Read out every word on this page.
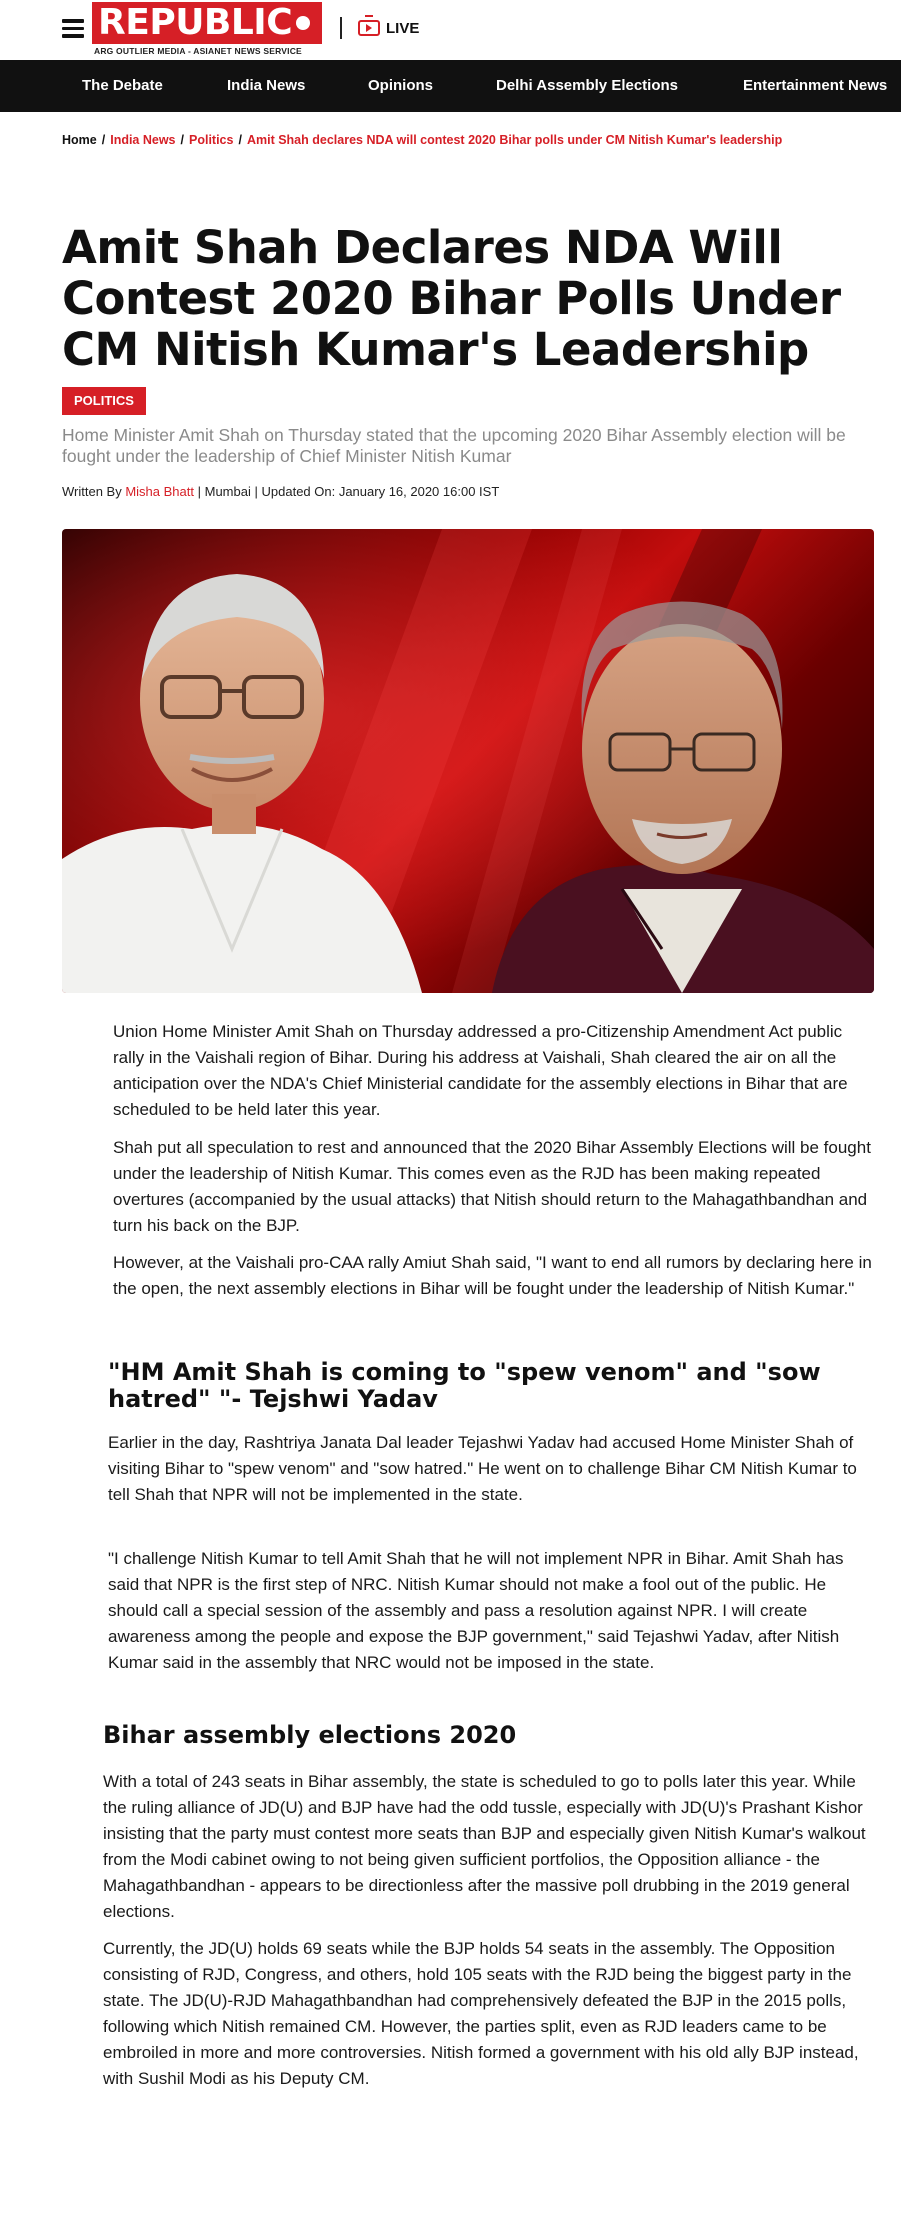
REPUBLIC
ARG OUTLIER MEDIA - ASIANET NEWS SERVICE
LIVE
The Debate	India News	Opinions	Delhi Assembly Elections	Entertainment News
Home / India News / Politics / Amit Shah declares NDA will contest 2020 Bihar polls under CM Nitish Kumar's leadership
Amit Shah Declares NDA Will
Contest 2020 Bihar Polls Under
CM Nitish Kumar's Leadership
POLITICS

Home Minister Amit Shah on Thursday stated that the upcoming 2020 Bihar Assembly election will be fought under the leadership of Chief Minister Nitish Kumar

Written By Misha Bhatt | Mumbai | Updated On: January 16, 2020 16:00 IST

Union Home Minister Amit Shah on Thursday addressed a pro-Citizenship Amendment Act public rally in the Vaishali region of Bihar. During his address at Vaishali, Shah cleared the air on all the anticipation over the NDA's Chief Ministerial candidate for the assembly elections in Bihar that are scheduled to be held later this year.

Shah put all speculation to rest and announced that the 2020 Bihar Assembly Elections will be fought under the leadership of Nitish Kumar. This comes even as the RJD has been making repeated overtures (accompanied by the usual attacks) that Nitish should return to the Mahagathbandhan and turn his back on the BJP.

However, at the Vaishali pro-CAA rally Amiut Shah said, "I want to end all rumors by declaring here in the open, the next assembly elections in Bihar will be fought under the leadership of Nitish Kumar."

"HM Amit Shah is coming to "spew venom" and "sow hatred" "- Tejshwi Yadav

Earlier in the day, Rashtriya Janata Dal leader Tejashwi Yadav had accused Home Minister Shah of visiting Bihar to "spew venom" and "sow hatred." He went on to challenge Bihar CM Nitish Kumar to tell Shah that NPR will not be implemented in the state.

"I challenge Nitish Kumar to tell Amit Shah that he will not implement NPR in Bihar. Amit Shah has said that NPR is the first step of NRC. Nitish Kumar should not make a fool out of the public. He should call a special session of the assembly and pass a resolution against NPR. I will create awareness among the people and expose the BJP government," said Tejashwi Yadav, after Nitish Kumar said in the assembly that NRC would not be imposed in the state.

Bihar assembly elections 2020

With a total of 243 seats in Bihar assembly, the state is scheduled to go to polls later this year. While the ruling alliance of JD(U) and BJP have had the odd tussle, especially with JD(U)'s Prashant Kishor insisting that the party must contest more seats than BJP and especially given Nitish Kumar's walkout from the Modi cabinet owing to not being given sufficient portfolios, the Opposition alliance - the Mahagathbandhan - appears to be directionless after the massive poll drubbing in the 2019 general elections.

Currently, the JD(U) holds 69 seats while the BJP holds 54 seats in the assembly. The Opposition consisting of RJD, Congress, and others, hold 105 seats with the RJD being the biggest party in the state. The JD(U)-RJD Mahagathbandhan had comprehensively defeated the BJP in the 2015 polls, following which Nitish remained CM. However, the parties split, even as RJD leaders came to be embroiled in more and more controversies. Nitish formed a government with his old ally BJP instead, with Sushil Modi as his Deputy CM.
